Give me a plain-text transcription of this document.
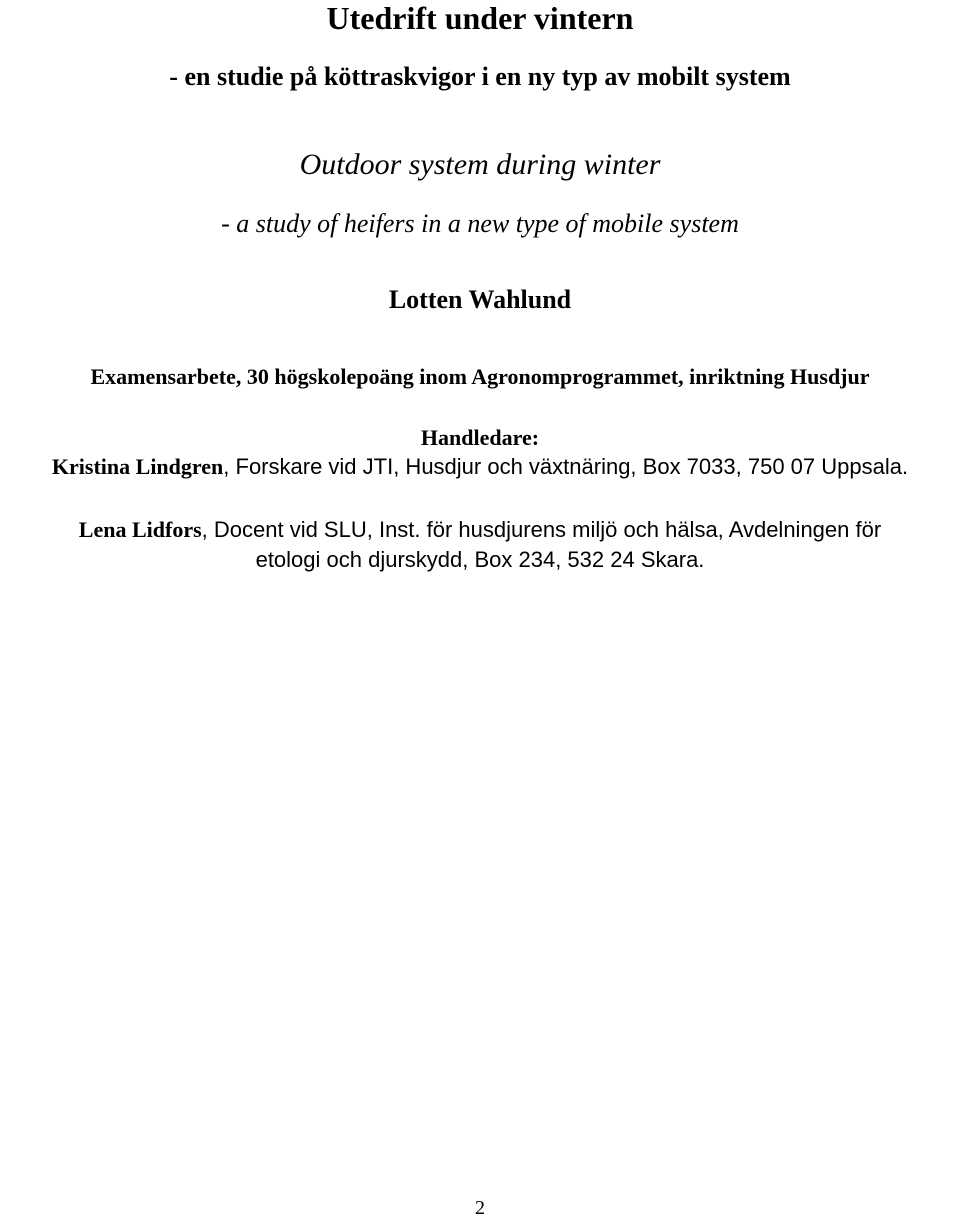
Utedrift under vintern
- en studie på köttraskvigor i en ny typ av mobilt system

Outdoor system during winter

- a study of heifers in a new type of mobile system

Lotten Wahlund

Examensarbete, 30 högskolepoäng inom Agronomprogrammet, inriktning Husdjur

Handledare:

Kristina Lindgren, Forskare vid JTI, Husdjur och växtnäring, Box 7033, 750 07 Uppsala.

Lena Lidfors, Docent vid SLU, Inst. för husdjurens miljö och hälsa, Avdelningen för

etologi och djurskydd, Box 234, 532 24 Skara.

2
